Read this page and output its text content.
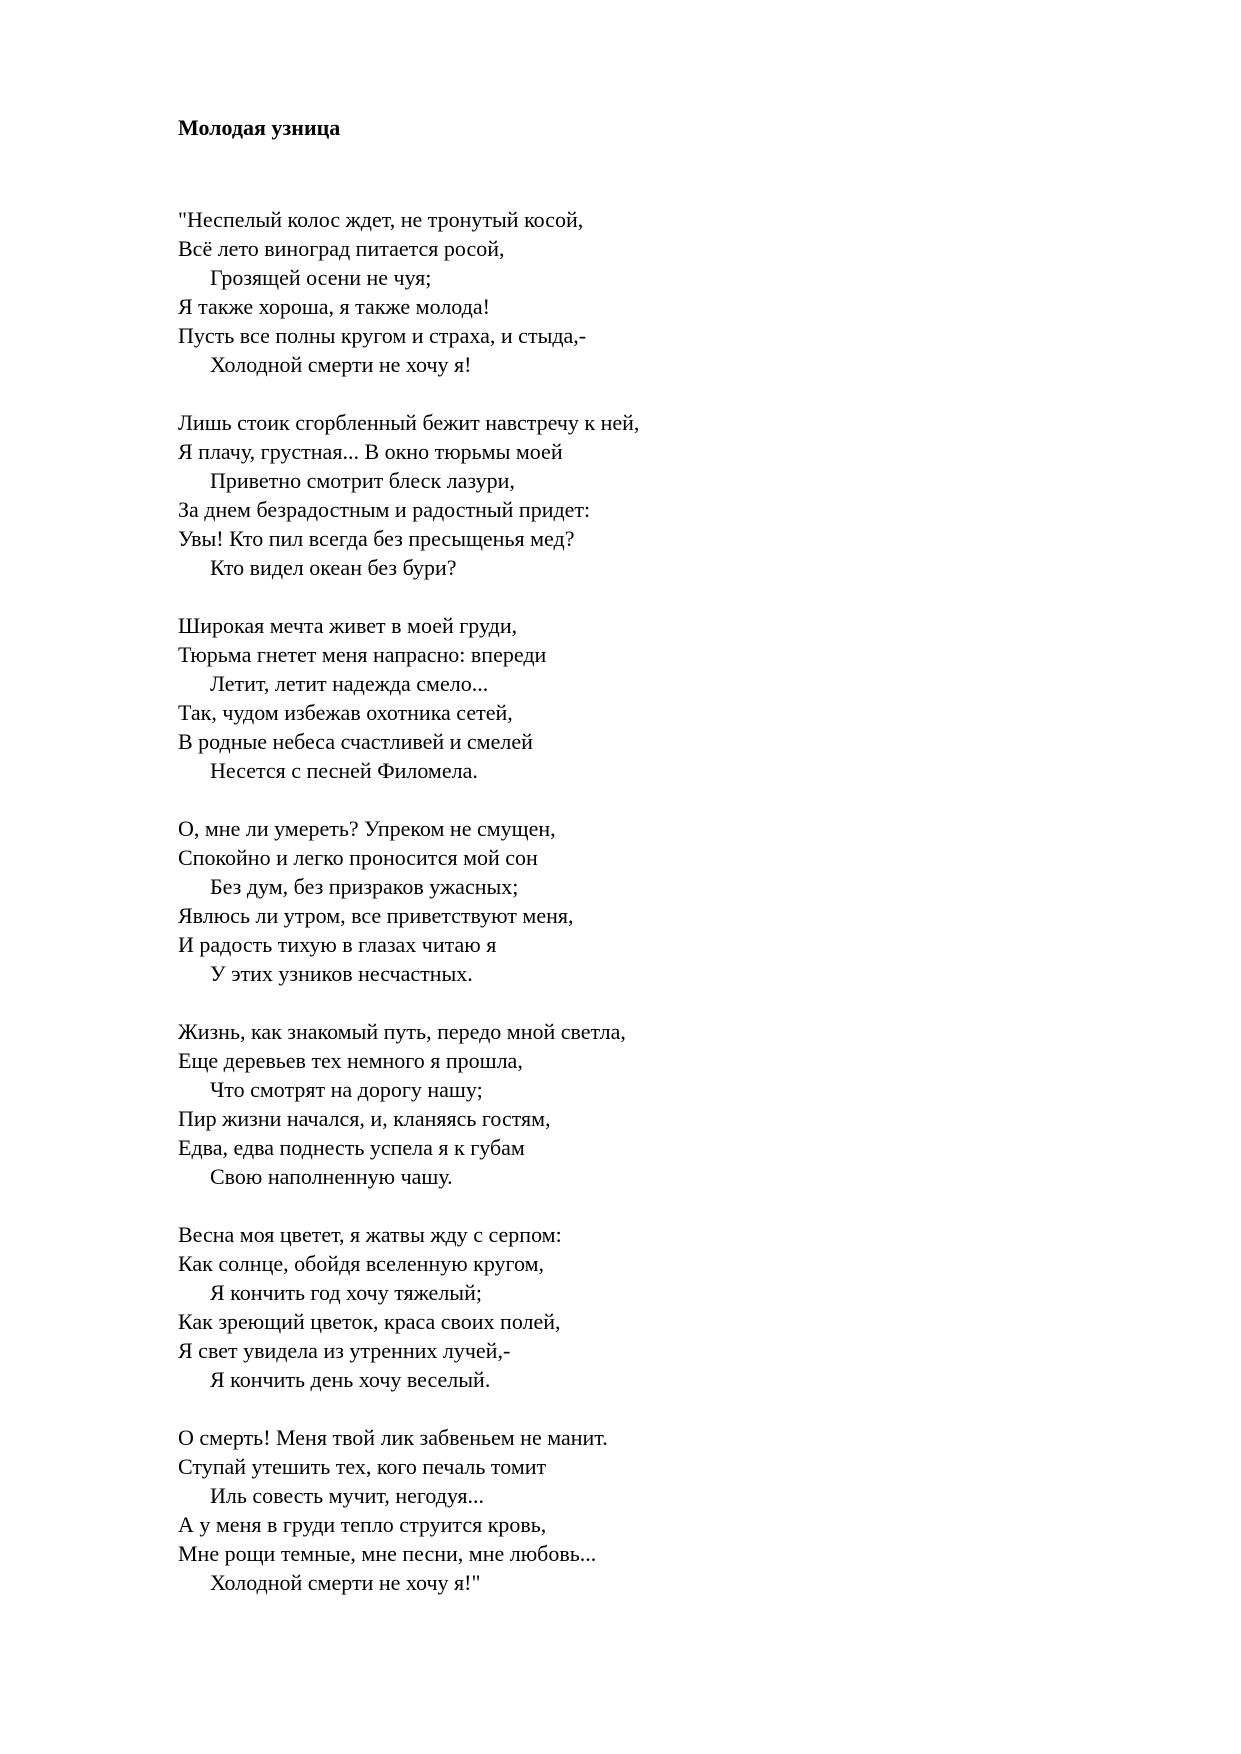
Молодая узница
"Неспелый колос ждет, не тронутый косой,
Всё лето виноград питается росой,
Грозящей осени не чуя;
Я также хороша, я также молода!
Пусть все полны кругом и страха, и стыда,-
Холодной смерти не хочу я!
Лишь стоик сгорбленный бежит навстречу к ней,
Я плачу, грустная... В окно тюрьмы моей
Приветно смотрит блеск лазури,
За днем безрадостным и радостный придет:
Увы! Кто пил всегда без пресыщенья мед?
Кто видел океан без бури?
Широкая мечта живет в моей груди,
Тюрьма гнетет меня напрасно: впереди
Летит, летит надежда смело...
Так, чудом избежав охотника сетей,
В родные небеса счастливей и смелей
Несется с песней Филомела.
О, мне ли умереть? Упреком не смущен,
Спокойно и легко проносится мой сон
Без дум, без призраков ужасных;
Явлюсь ли утром, все приветствуют меня,
И радость тихую в глазах читаю я
У этих узников несчастных.
Жизнь, как знакомый путь, передо мной светла,
Еще деревьев тех немного я прошла,
Что смотрят на дорогу нашу;
Пир жизни начался, и, кланяясь гостям,
Едва, едва поднесть успела я к губам
Свою наполненную чашу.
Весна моя цветет, я жатвы жду с серпом:
Как солнце, обойдя вселенную кругом,
Я кончить год хочу тяжелый;
Как зреющий цветок, краса своих полей,
Я свет увидела из утренних лучей,-
Я кончить день хочу веселый.
О смерть! Меня твой лик забвеньем не манит.
Ступай утешить тех, кого печаль томит
Иль совесть мучит, негодуя...
А у меня в груди тепло струится кровь,
Мне рощи темные, мне песни, мне любовь...
Холодной смерти не хочу я!"
